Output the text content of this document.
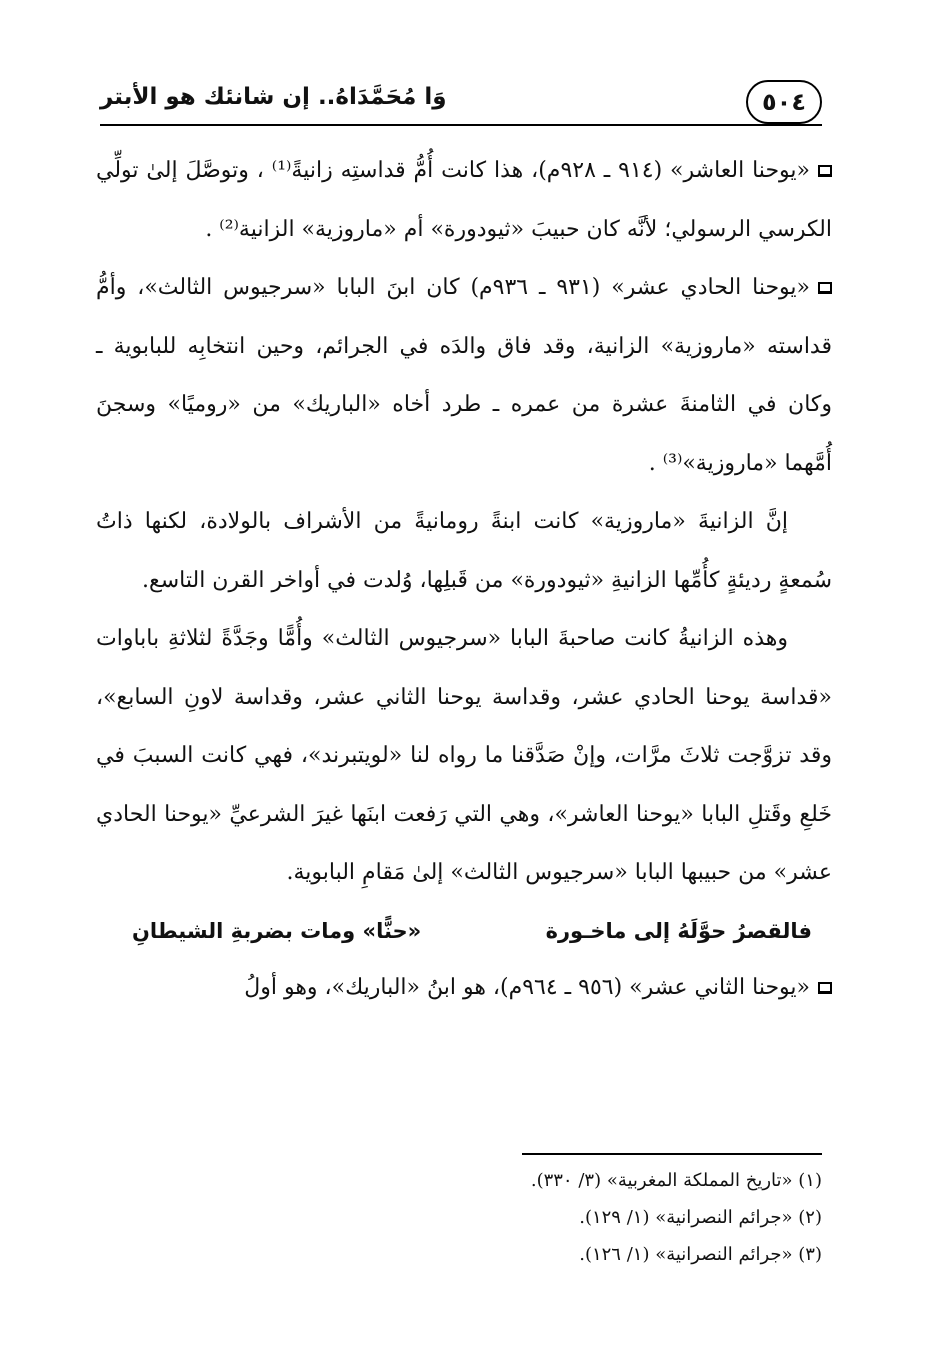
٥٠٤
وَا مُحَمَّدَاهُ.. إن شانئك هو الأبتر

«يوحنا العاشر» (٩١٤ ـ ٩٢٨م)، هذا كانت أُمُّ قداستِه زانيةً⁽¹⁾ ، وتوصَّلَ إلىٰ تولِّي الكرسي الرسولي؛ لأنَّه كان حبيبَ «ثيودورة» أم «ماروزية» الزانية⁽²⁾ .

«يوحنا الحادي عشر» (٩٣١ ـ ٩٣٦م) كان ابنَ البابا «سرجيوس الثالث»، وأمُّ قداسته «ماروزية» الزانية، وقد فاق والدَه في الجرائم، وحين انتخابِه للبابوية ـ وكان في الثامنةَ عشرة من عمره ـ طرد أخاه «الباريك» من «روميًا» وسجنَ أُمَّهما «ماروزية»⁽³⁾ .

إنَّ الزانيةَ «ماروزية» كانت ابنةً رومانيةً من الأشراف بالولادة، لكنها ذاتُ سُمعةٍ رديئةٍ كأُمِّها الزانيةِ «ثيودورة» من قَبلِها، وُلدت في أواخر القرن التاسع.

وهذه الزانيةُ كانت صاحبةَ البابا «سرجيوس الثالث» وأُمًّا وجَدَّةً لثلاثةِ باباوات «قداسة يوحنا الحادي عشر، وقداسة يوحنا الثاني عشر، وقداسة لاونِ السابع»، وقد تزوَّجت ثلاثَ مرَّات، وإنْ صَدَّقنا ما رواه لنا «لويتبرند»، فهي كانت السببَ في خَلعِ وقَتلِ البابا «يوحنا العاشر»، وهي التي رَفعت ابنَها غيرَ الشرعيِّ «يوحنا الحادي عشر» من حبيبها البابا «سرجيوس الثالث» إلىٰ مَقامِ البابوية.

فالقصرُ حوَّلَهُ إلى ماخـورة
«حنًّا» ومات بضربةِ الشيطانِ

«يوحنا الثاني عشر» (٩٥٦ ـ ٩٦٤م)، هو ابنُ «الباريك»، وهو أولُ

(١) «تاريخ المملكة المغربية» (٣/ ٣٣٠).

(٢) «جرائم النصرانية» (١/ ١٢٩).

(٣) «جرائم النصرانية» (١/ ١٢٦).
